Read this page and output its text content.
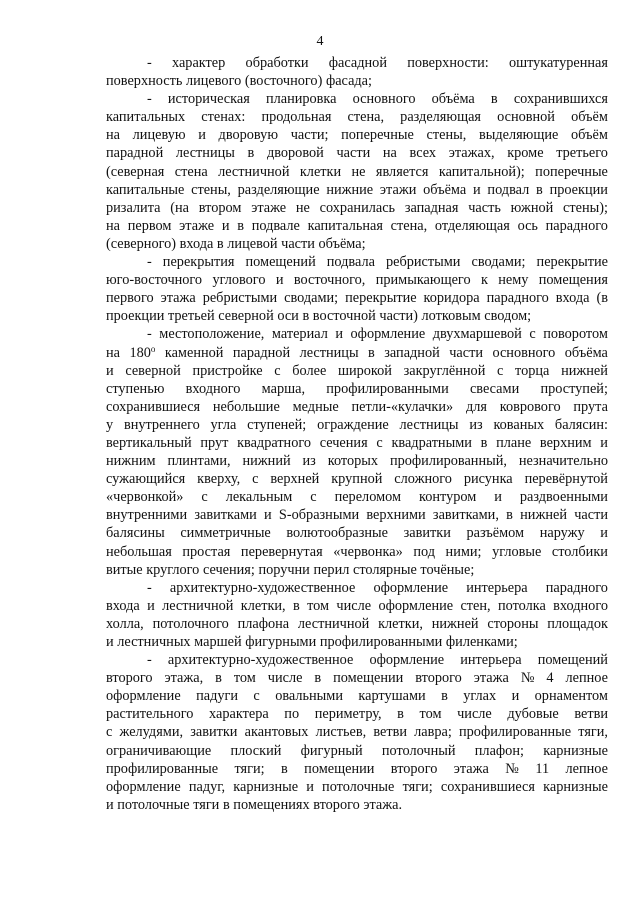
4
- характер обработки фасадной поверхности: оштукатуренная
поверхность лицевого (восточного) фасада;
- историческая планировка основного объёма в сохранившихся
капитальных стенах: продольная стена, разделяющая основной объём
на лицевую и дворовую части; поперечные стены, выделяющие объём
парадной лестницы в дворовой части на всех этажах, кроме третьего
(северная стена лестничной клетки не является капитальной); поперечные
капитальные стены, разделяющие нижние этажи объёма и подвал в проекции
ризалита (на втором этаже не сохранилась западная часть южной стены);
на первом этаже и в подвале капитальная стена, отделяющая ось парадного
(северного) входа в лицевой части объёма;
- перекрытия помещений подвала ребристыми сводами; перекрытие
юго-восточного углового и восточного, примыкающего к нему помещения
первого этажа ребристыми сводами; перекрытие коридора парадного входа (в
проекции третьей северной оси в восточной части) лотковым сводом;
- местоположение, материал и оформление двухмаршевой с поворотом
на $180^о$ каменной парадной лестницы в западной части основного объёма
и северной пристройке с более широкой закруглённой с торца нижней
ступенью входного марша, профилированными свесами проступей;
сохранившиеся небольшие медные петли-«кулачки» для коврового прута
у внутреннего угла ступеней; ограждение лестницы из кованых балясин:
вертикальный прут квадратного сечения с квадратными в плане верхним и
нижним плинтами, нижний из которых профилированный, незначительно
сужающийся кверху, с верхней крупной сложного рисунка перевёрнутой
«червонкой» с лекальным с переломом контуром и раздвоенными
внутренними завитками и S-образными верхними завитками, в нижней части
балясины симметричные волютообразные завитки разъёмом наружу и
небольшая простая перевернутая «червонка» под ними; угловые столбики
витые круглого сечения; поручни перил столярные точёные;
- архитектурно-художественное оформление интерьера парадного
входа и лестничной клетки, в том числе оформление стен, потолка входного
холла, потолочного плафона лестничной клетки, нижней стороны площадок
и лестничных маршей фигурными профилированными филенками;
- архитектурно-художественное оформление интерьера помещений
второго этажа, в том числе в помещении второго этажа № 4 лепное
оформление падуги с овальными картушами в углах и орнаментом
растительного характера по периметру, в том числе дубовые ветви
с желудями, завитки акантовых листьев, ветви лавра; профилированные тяги,
ограничивающие плоский фигурный потолочный плафон; карнизные
профилированные тяги; в помещении второго этажа № 11 лепное
оформление падуг, карнизные и потолочные тяги; сохранившиеся карнизные
и потолочные тяги в помещениях второго этажа.
